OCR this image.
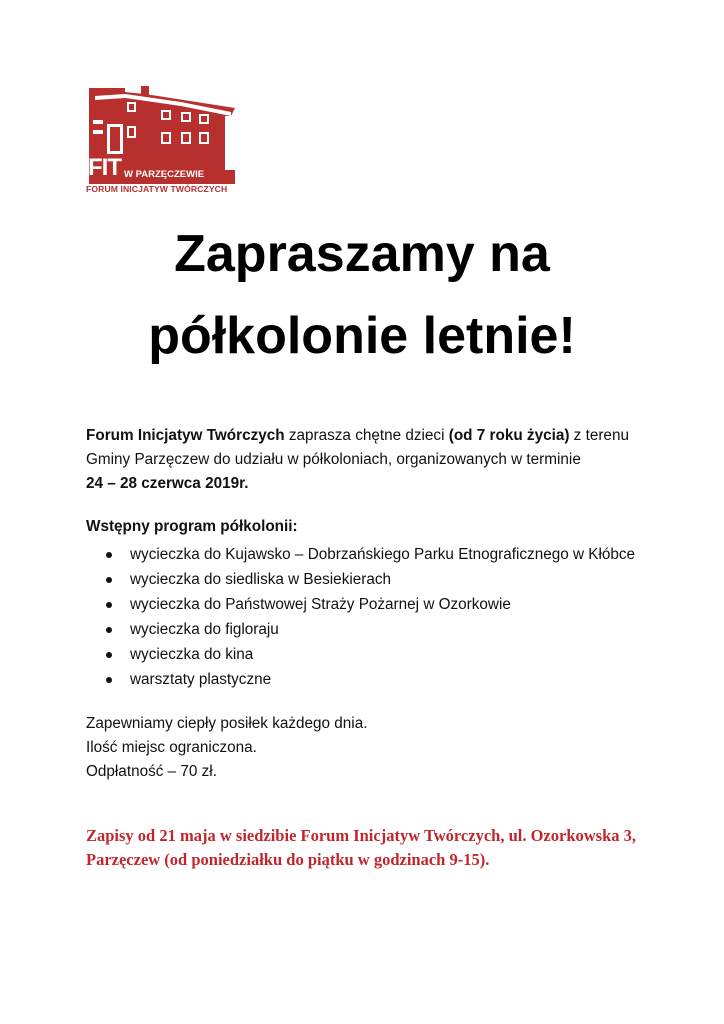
FIT W PARZĘCZEWIE
FORUM INICJATYW TWÓRCZYCH
Zapraszamy na
półkolonie letnie!
Forum Inicjatyw Twórczych zaprasza chętne dzieci (od 7 roku życia) z terenu Gminy Parzęczew do udziału w półkoloniach, organizowanych w terminie
24 – 28 czerwca 2019r.
Wstępny program półkolonii:
wycieczka do Kujawsko – Dobrzańskiego Parku Etnograficznego w Kłóbce
wycieczka do siedliska w Besiekierach
wycieczka do Państwowej Straży Pożarnej w Ozorkowie
wycieczka do figloraju
wycieczka do kina
warsztaty plastyczne
Zapewniamy ciepły posiłek każdego dnia.
Ilość miejsc ograniczona.
Odpłatność – 70 zł.
Zapisy od 21 maja w siedzibie Forum Inicjatyw Twórczych, ul. Ozorkowska 3,
Parzęczew (od poniedziałku do piątku w godzinach 9-15).
